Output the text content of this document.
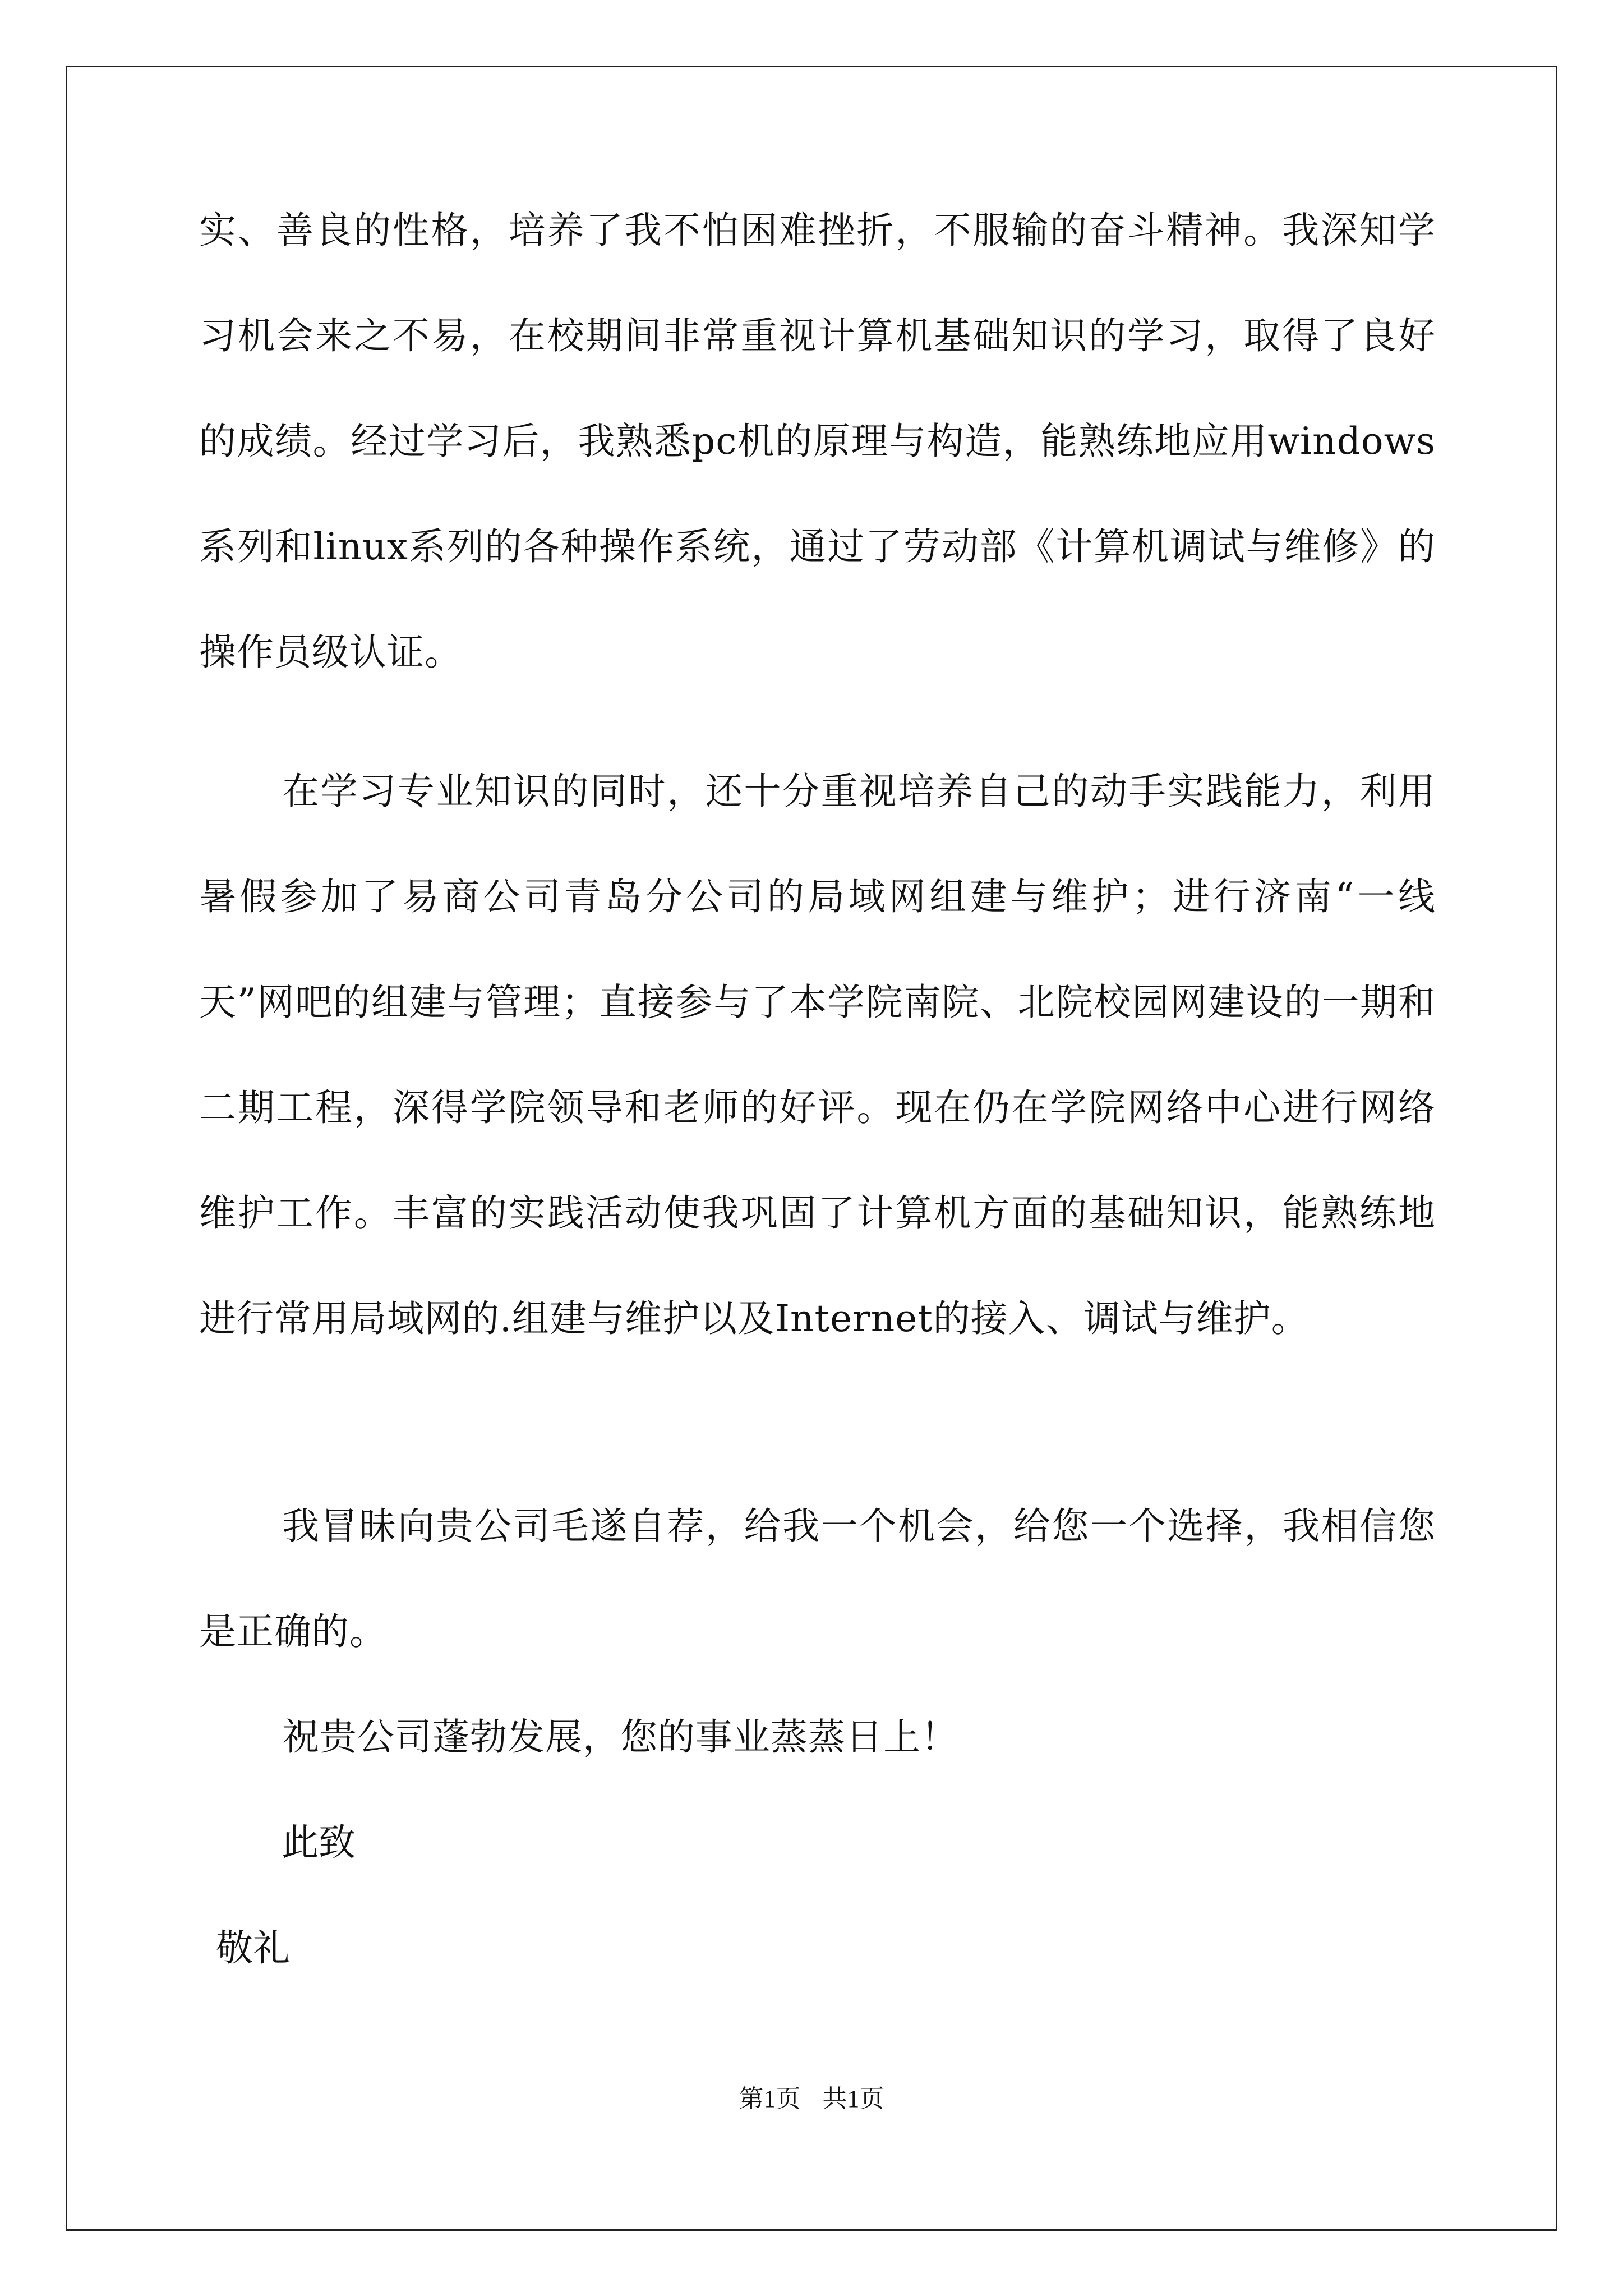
实、善良的性格，培养了我不怕困难挫折，不服输的奋斗精神。我深知学习机会来之不易，在校期间非常重视计算机基础知识的学习，取得了良好的成绩。经过学习后，我熟悉pc机的原理与构造，能熟练地应用windows系列和linux系列的各种操作系统，通过了劳动部《计算机调试与维修》的操作员级认证。

在学习专业知识的同时，还十分重视培养自己的动手实践能力，利用暑假参加了易商公司青岛分公司的局域网组建与维护；进行济南“一线天”网吧的组建与管理；直接参与了本学院南院、北院校园网建设的一期和二期工程，深得学院领导和老师的好评。现在仍在学院网络中心进行网络维护工作。丰富的实践活动使我巩固了计算机方面的基础知识，能熟练地进行常用局域网的.组建与维护以及Internet的接入、调试与维护。

我冒昧向贵公司毛遂自荐，给我一个机会，给您一个选择，我相信您是正确的。

祝贵公司蓬勃发展，您的事业蒸蒸日上！

此致
敬礼
第1页 共1页
